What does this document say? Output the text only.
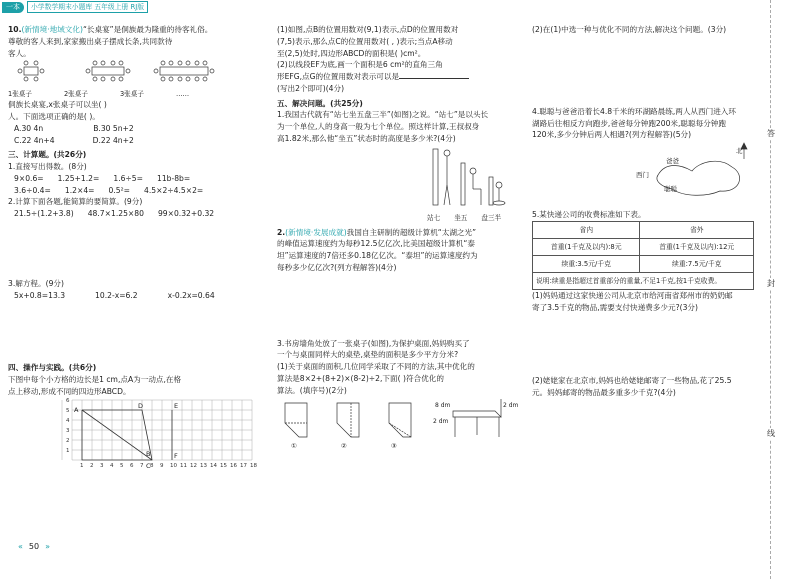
一本	小学数学期末小题库 五年级上册 RJ版

10.(新情境·地域文化)“长桌宴”是侗族最为隆重的待客礼俗。

尊敬的客人来到,家家搬出桌子摆成长条,共同款待

客人。

1张桌子	2张桌子	3张桌子	……

侗族长桌宴,x张桌子可以坐( )

人。下面选项正确的是( )。

A.30 4n	B.30 5n+2
C.22 4n+4	D.22 4n+2

三、计算题。(共26分)

1.直接写出得数。(8分)

9×0.6= 1.25+1.2= 1.6÷5= 11b-8b=
3.6÷0.4= 1.2×4= 0.5²= 4.5×2÷4.5×2=

2.计算下面各题,能简算的要简算。(9分)

21.5÷(1.2+3.8) 48.7×1.25×80 99×0.32+0.32

3.解方程。(9分)

5x+0.8=13.3	10.2-x=6.2	x-0.2x=0.64

四、操作与实践。(共6分)

下图中每个小方格的边长是1 cm,点A为一动点,在格

点上移动,形成不同的四边形ABCD。

A
B
C
D	E
F
1 2 3 4 5 6 7 8 9 10 11 12 13 14 15 16 17 18
1
2
3
4
5
6

(1)如图,点B的位置用数对(9,1)表示,点D的位置用数对

(7,5)表示,那么点C的位置用数对( , )表示;当点A移动

至(2,5)处时,四边形ABCD的面积是( )cm²。

(2)以线段EF为底,画一个面积是6 cm²的直角三角

形EFG,点G的位置用数对表示可以是

(写出2个即可)(4分)

五、解决问题。(共25分)

1.我国古代就有“站七坐五盘三半”(如图)之说。“站七”是以头长

为一个单位,人的身高一般为七个单位。照这样计算,王叔叔身

高1.82米,那么他“坐五”状态时的高度是多少米?(4分)

站七 坐五 盘三半

2.(新情境·发展成就)我国自主研制的超级计算机“太湖之光”

的峰值运算速度约为每秒12.5亿亿次,比美国超级计算机“泰

坦”运算速度的7倍还多0.18亿亿次。“泰坦”的运算速度约为

每秒多少亿亿次?(列方程解答)(4分)

3.书房墙角处放了一张桌子(如图),为保护桌面,妈妈购买了

一个与桌面同样大的桌垫,桌垫的面积是多少平方分米?

(1)关于桌面的面积,几位同学采取了不同的方法,其中优化的

算法是8×2+(8+2)×(8-2)÷2,下面( )符合优化的

算法。(填序号)(2分)

8 dm	2 dm
2 dm
①	②	③

(2)在(1)中选一种与优化不同的方法,解决这个问题。(3分)

4.聪聪与爸爸沿着长4.8千米的环湖路晨练,两人从西门进入环

湖路后往相反方向跑步,爸爸每分钟跑200米,聪聪每分钟跑

120米,多少分钟后两人相遇?(列方程解答)(5分)

北
爸爸
西门
聪聪

5.某快递公司的收费标准如下表。

省内	省外
首重(1千克及以内):8元	首重(1千克及以内):12元
续重:3.5元/千克	续重:7.5元/千克
说明:续重是指超过首重部分的重量,不足1千克,按1千克收费。	

(1)妈妈通过这家快递公司从北京市给河南省郑州市的奶奶邮

寄了3.5千克的物品,需要支付快递费多少元?(3分)

(2)姥姥家在北京市,妈妈也给姥姥邮寄了一些物品,花了25.5

元。妈妈邮寄的物品最多重多少千克?(4分)

答
封
线
« 50 »
